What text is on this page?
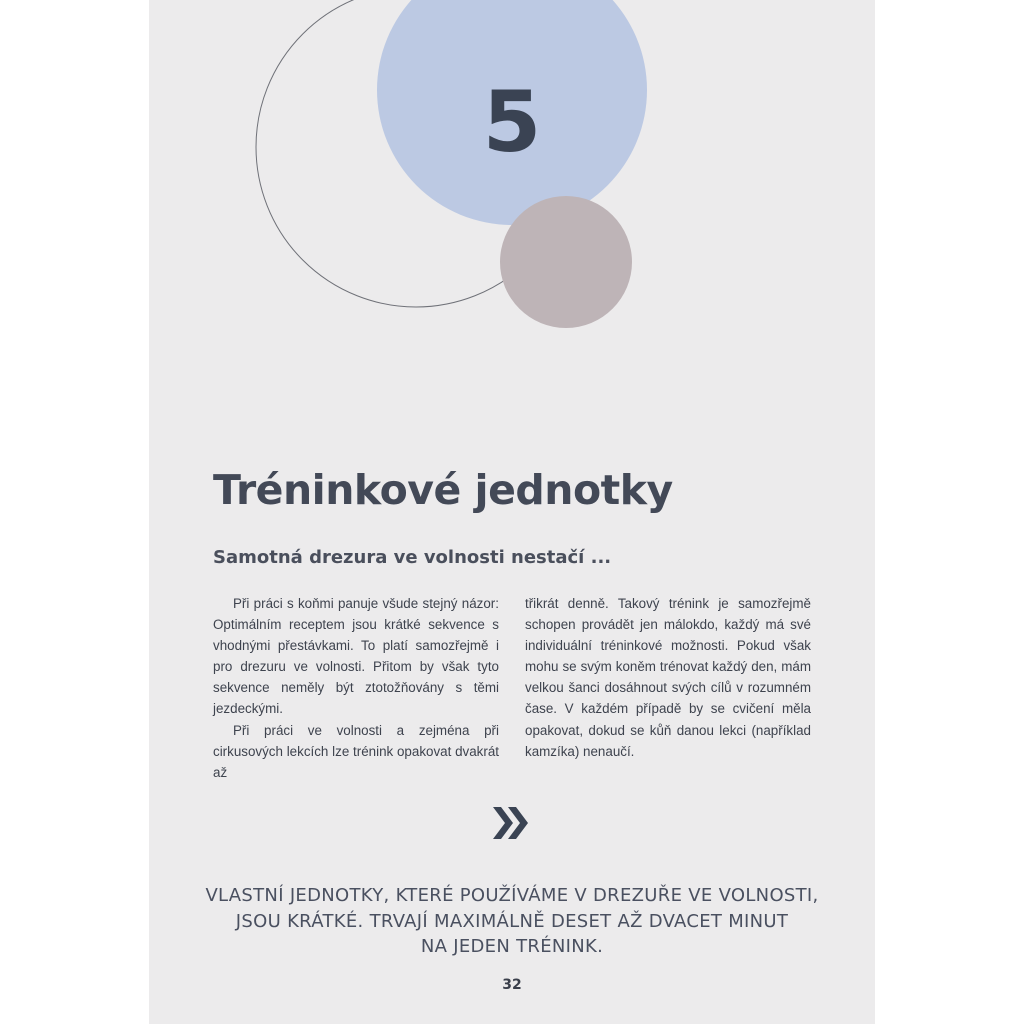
5
Tréninkové jednotky
Samotná drezura ve volnosti nestačí ...

Při práci s koňmi panuje všude stejný názor: Optimálním receptem jsou krátké sekvence s vhodnými přestávkami. To platí samozřejmě i pro drezuru ve volnosti. Přitom by však tyto sekvence neměly být ztotožňovány s těmi jezdeckými.

Při práci ve volnosti a zejména při cirkusových lekcích lze trénink opakovat dvakrát až

třikrát denně. Takový trénink je samozřejmě schopen provádět jen málokdo, každý má své individuální tréninkové možnosti. Pokud však mohu se svým koněm trénovat každý den, mám velkou šanci dosáhnout svých cílů v rozumném čase. V každém případě by se cvičení měla opakovat, dokud se kůň danou lekci (například kamzíka) nenaučí.

VLASTNÍ JEDNOTKY, KTERÉ POUŽÍVÁME V DREZUŘE VE VOLNOSTI,
JSOU KRÁTKÉ. TRVAJÍ MAXIMÁLNĚ DESET AŽ DVACET MINUT
NA JEDEN TRÉNINK.
32
